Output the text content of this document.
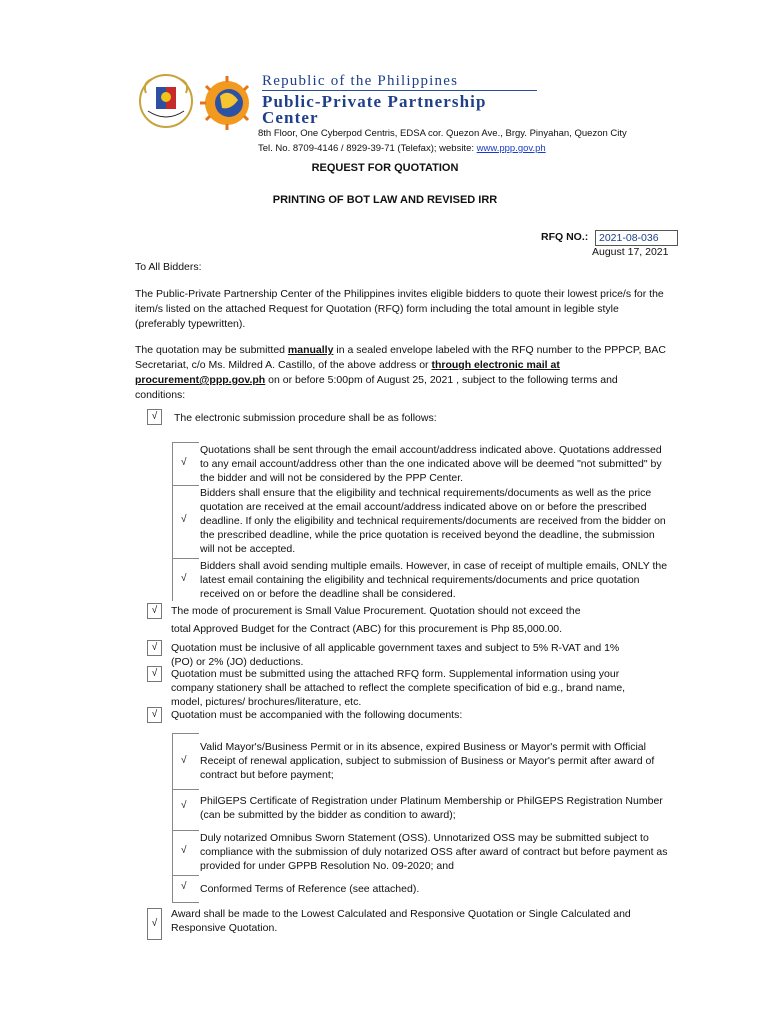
Republic of the Philippines
Public-Private Partnership
Center
8th Floor, One Cyberpod Centris, EDSA cor. Quezon Ave., Brgy. Pinyahan, Quezon City
Tel. No. 8709-4146 / 8929-39-71 (Telefax); website: www.ppp.gov.ph
REQUEST FOR QUOTATION
PRINTING OF BOT LAW AND REVISED IRR
RFQ NO.:	2021-08-036
August 17, 2021
To All Bidders:
The Public-Private Partnership Center of the Philippines invites eligible bidders to quote their lowest price/s for the item/s listed on the attached Request for Quotation (RFQ) form including the total amount in legible style (preferably typewritten).
The quotation may be submitted manually in a sealed envelope labeled with the RFQ number to the PPPCP, BAC Secretariat, c/o Ms. Mildred A. Castillo, of the above address or through electronic mail at procurement@ppp.gov.ph on or before 5:00pm of August 25, 2021 , subject to the following terms and conditions:
√	The electronic submission procedure shall be as follows:
√
Quotations shall be sent through the email account/address indicated above. Quotations addressed to any email account/address other than the one indicated above will be deemed "not submitted" by the bidder and will not be considered by the PPP Center.
√
Bidders shall ensure that the eligibility and technical requirements/documents as well as the price quotation are received at the email account/address indicated above on or before the prescribed deadline. If only the eligibility and technical requirements/documents are received from the bidder on the prescribed deadline, while the price quotation is received beyond the deadline, the submission will not be accepted.
√
Bidders shall avoid sending multiple emails. However, in case of receipt of multiple emails, ONLY the latest email containing the eligibility and technical requirements/documents and price quotation received on or before the deadline shall be considered.
√	The mode of procurement is Small Value Procurement. Quotation should not exceed the
total Approved Budget for the Contract (ABC) for this procurement is Php 85,000.00.
√	Quotation must be inclusive of all applicable government taxes and subject to 5% R-VAT and 1% (PO) or 2% (JO) deductions.
√	Quotation must be submitted using the attached RFQ form. Supplemental information using your company stationery shall be attached to reflect the complete specification of bid e.g., brand name, model, pictures/ brochures/literature, etc.
√	Quotation must be accompanied with the following documents:
√
Valid Mayor's/Business Permit or in its absence, expired Business or Mayor's permit with Official Receipt of renewal application, subject to submission of Business or Mayor's permit after award of contract but before payment;
√ PhilGEPS Certificate of Registration under Platinum Membership or PhilGEPS Registration Number (can be submitted by the bidder as condition to award);
√
Duly notarized Omnibus Sworn Statement (OSS). Unnotarized OSS may be submitted subject to compliance with the submission of duly notarized OSS after award of contract but before payment as provided for under GPPB Resolution No. 09-2020; and
√ Conformed Terms of Reference (see attached).
√
Award shall be made to the Lowest Calculated and Responsive Quotation or Single Calculated and Responsive Quotation.
